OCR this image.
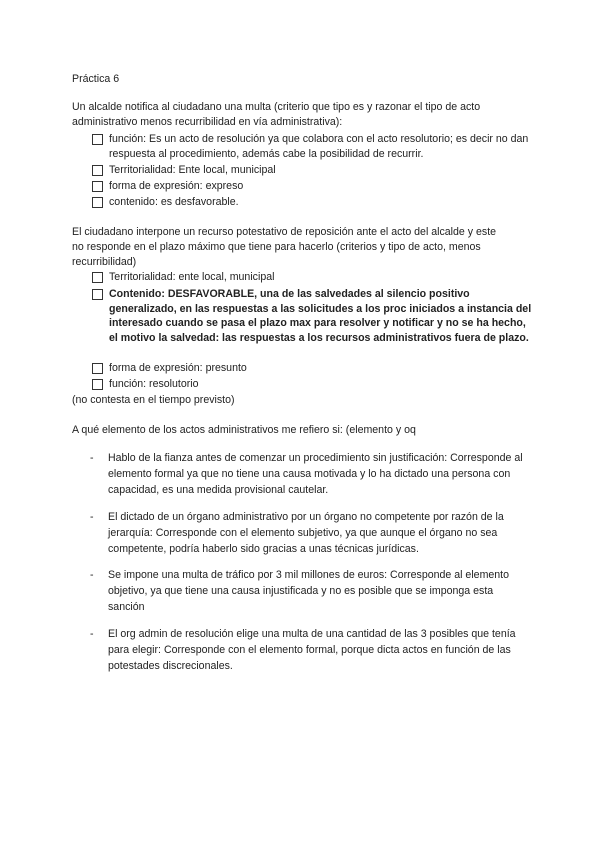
Práctica 6
Un alcalde notifica al ciudadano una multa (criterio que tipo es y razonar el tipo de acto
administrativo menos recurribilidad en vía administrativa):
función: Es un acto de resolución ya que colabora con el acto resolutorio; es decir no dan respuesta al procedimiento, además cabe la posibilidad de recurrir.
Territorialidad: Ente local, municipal
forma de expresión: expreso
contenido: es desfavorable.
El ciudadano interpone un recurso potestativo de reposición ante el acto del alcalde y este
no responde en el plazo máximo que tiene para hacerlo (criterios y tipo de acto, menos
recurribilidad)
Territorialidad: ente local, municipal
Contenido: DESFAVORABLE, una de las salvedades al silencio positivo generalizado, en las respuestas a las solicitudes a los proc iniciados a instancia del interesado cuando se pasa el plazo max para resolver y notificar y no se ha hecho, el motivo la salvedad: las respuestas a los recursos administrativos fuera de plazo.
forma de expresión: presunto
función: resolutorio
(no contesta en el tiempo previsto)
A qué elemento de los actos administrativos me refiero si: (elemento y oq
- Hablo de la fianza antes de comenzar un procedimiento sin justificación: Corresponde al elemento formal ya que no tiene una causa motivada y lo ha dictado una persona con capacidad, es una medida provisional cautelar.
- El dictado de un órgano administrativo por un órgano no competente por razón de la jerarquía: Corresponde con el elemento subjetivo, ya que aunque el órgano no sea competente, podría haberlo sido gracias a unas técnicas jurídicas.
- Se impone una multa de tráfico por 3 mil millones de euros: Corresponde al elemento objetivo, ya que tiene una causa injustificada y no es posible que se imponga esta sanción
- El org admin de resolución elige una multa de una cantidad de las 3 posibles que tenía para elegir: Corresponde con el elemento formal, porque dicta actos en función de las potestades discrecionales.
